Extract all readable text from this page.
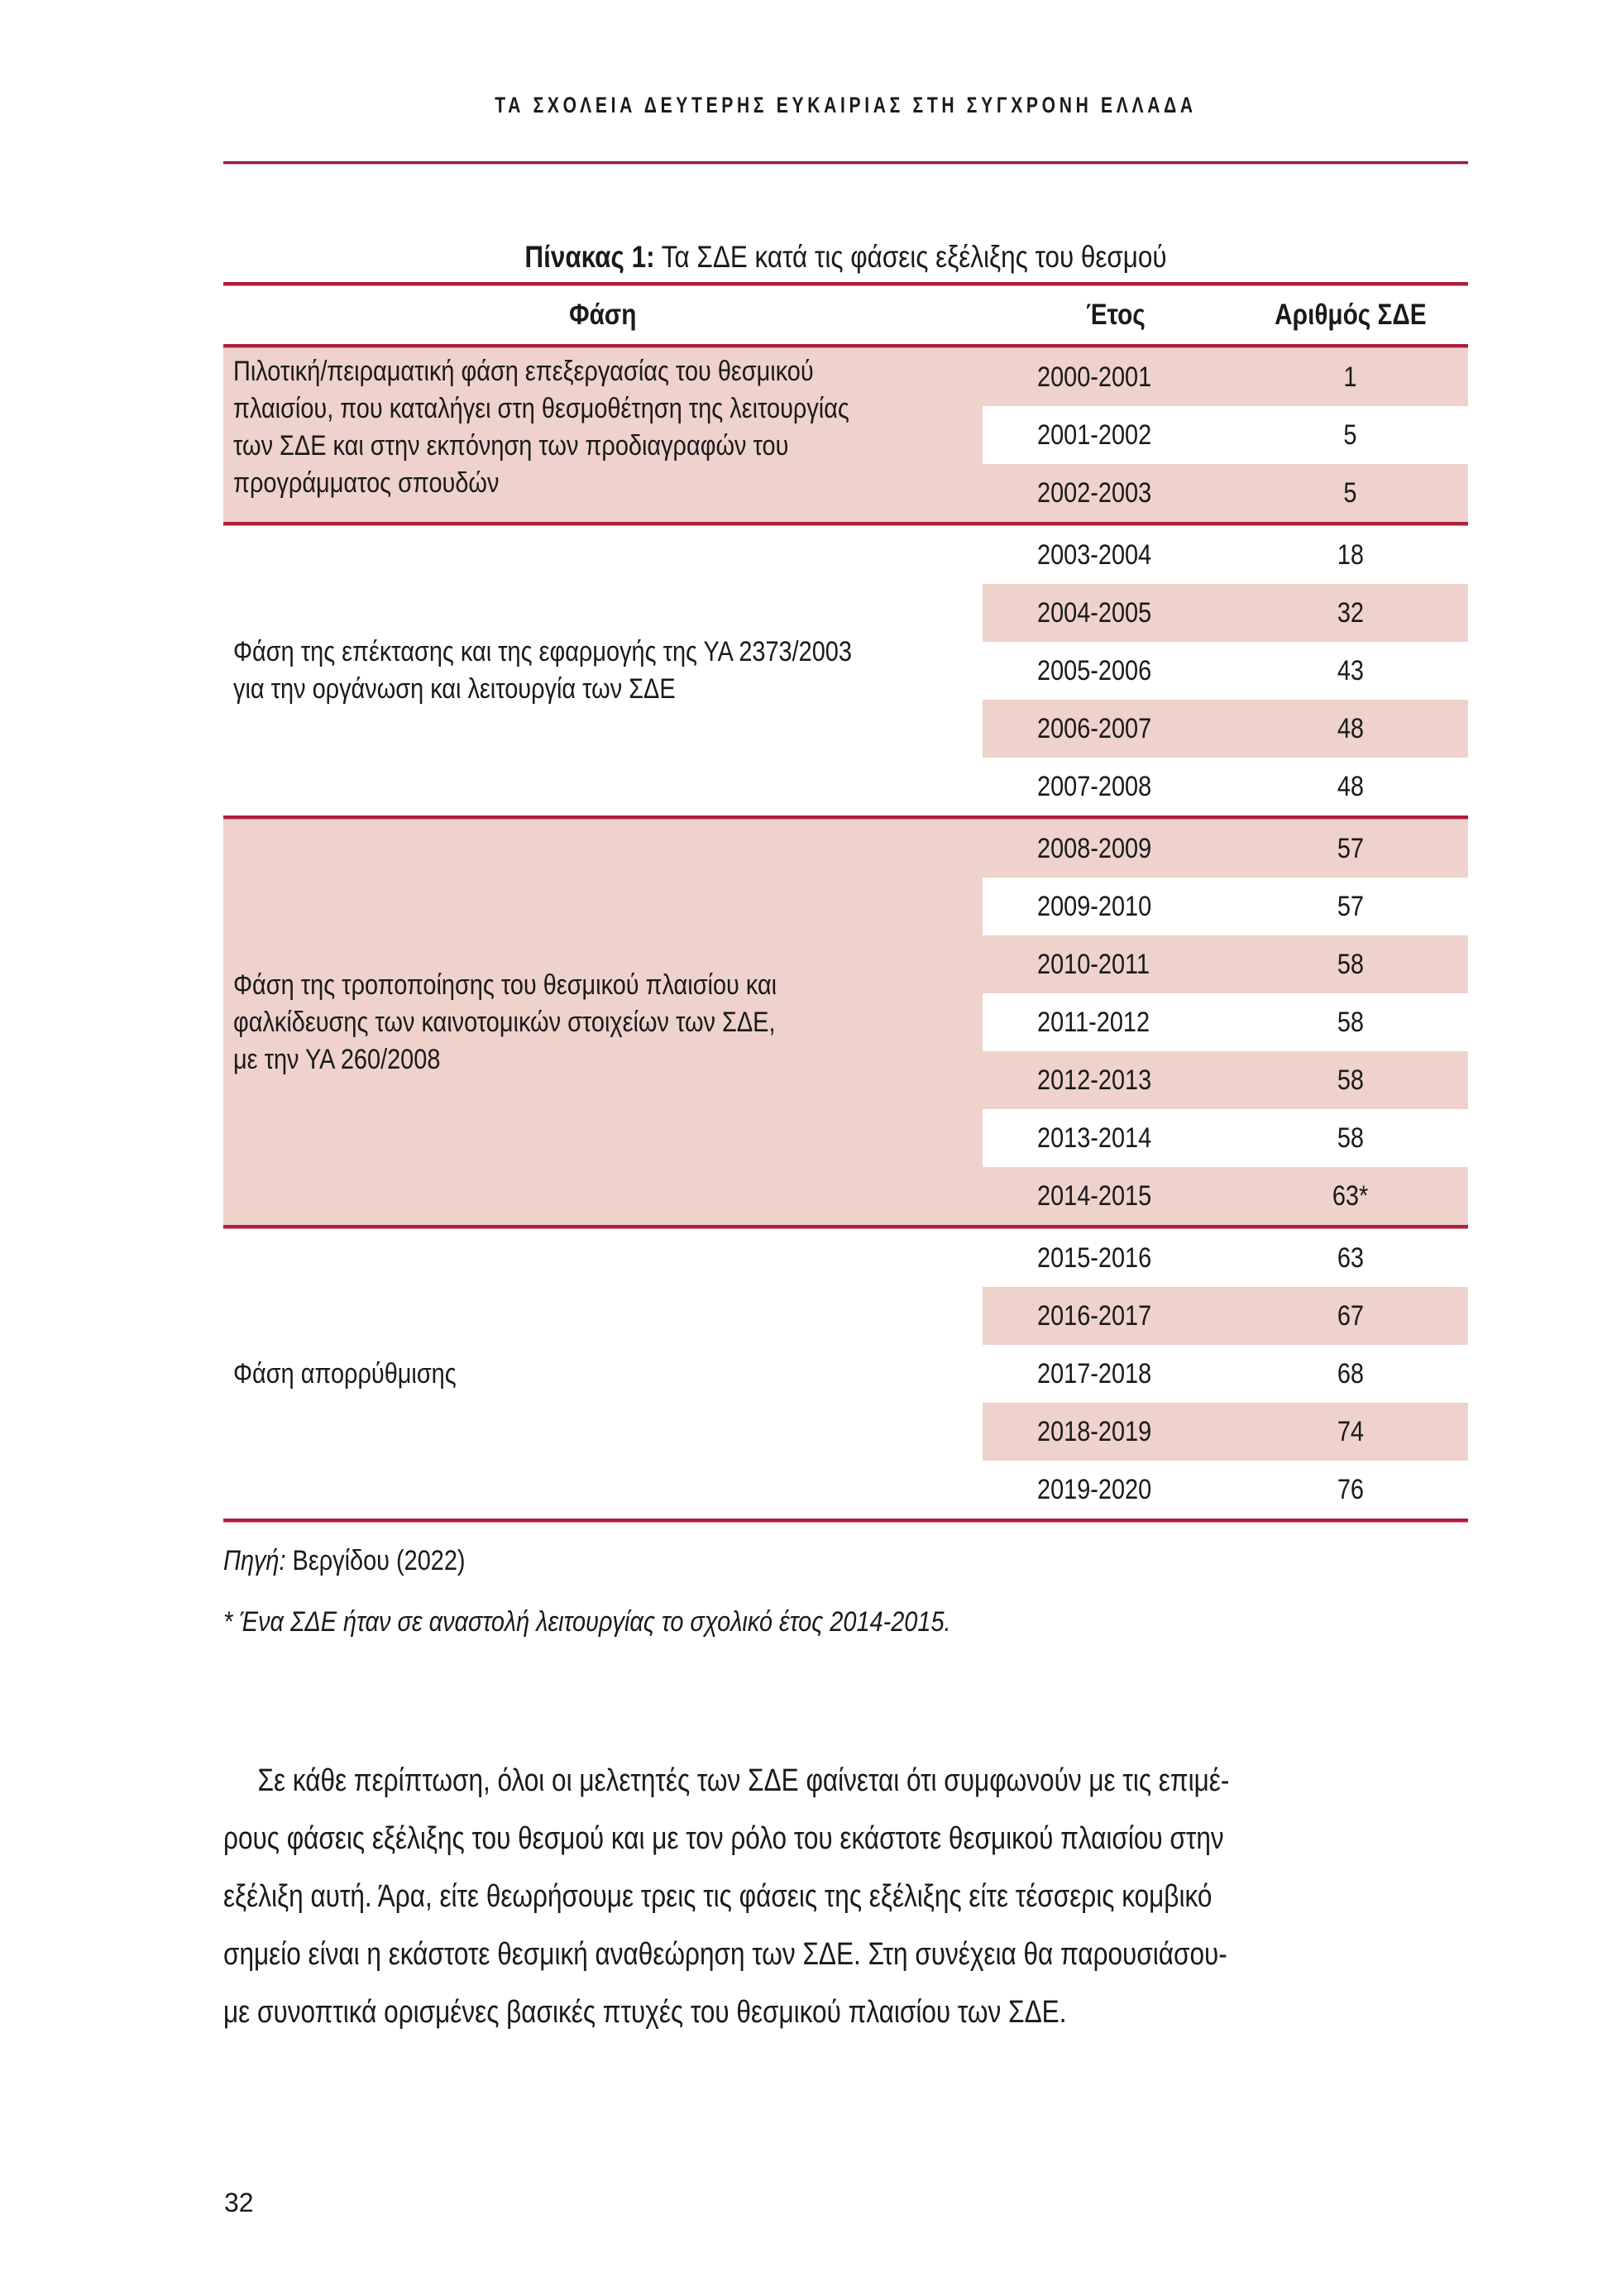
ΤΑ ΣΧΟΛΕΙΑ ΔΕΥΤΕΡΗΣ ΕΥΚΑΙΡΙΑΣ ΣΤΗ ΣΥΓΧΡΟΝΗ ΕΛΛΑΔΑ
Πίνακας 1: Τα ΣΔΕ κατά τις φάσεις εξέλιξης του θεσμού
Φάση	Έτος	Αριθμός ΣΔΕ
Πιλοτική/πειραματική φάση επεξεργασίας του θεσμικού
πλαισίου, που καταλήγει στη θεσμοθέτηση της λειτουργίας
των ΣΔΕ και στην εκπόνηση των προδιαγραφών του
προγράμματος σπουδών
2000-2001	1
2001-2002	5
2002-2003	5
Φάση της επέκτασης και της εφαρμογής της ΥΑ 2373/2003
για την οργάνωση και λειτουργία των ΣΔΕ
2003-2004	18
2004-2005	32
2005-2006	43
2006-2007	48
2007-2008	48
Φάση της τροποποίησης του θεσμικού πλαισίου και
φαλκίδευσης των καινοτομικών στοιχείων των ΣΔΕ,
με την ΥΑ 260/2008
2008-2009	57
2009-2010	57
2010-2011	58
2011-2012	58
2012-2013	58
2013-2014	58
2014-2015	63*
Φάση απορρύθμισης
2015-2016	63
2016-2017	67
2017-2018	68
2018-2019	74
2019-2020	76
Πηγή: Βεργίδου (2022)
* Ένα ΣΔΕ ήταν σε αναστολή λειτουργίας το σχολικό έτος 2014-2015.
Σε κάθε περίπτωση, όλοι οι μελετητές των ΣΔΕ φαίνεται ότι συμφωνούν με τις επιμέ-
ρους φάσεις εξέλιξης του θεσμού και με τον ρόλο του εκάστοτε θεσμικού πλαισίου στην
εξέλιξη αυτή. Άρα, είτε θεωρήσουμε τρεις τις φάσεις της εξέλιξης είτε τέσσερις κομβικό
σημείο είναι η εκάστοτε θεσμική αναθεώρηση των ΣΔΕ. Στη συνέχεια θα παρουσιάσου-
με συνοπτικά ορισμένες βασικές πτυχές του θεσμικού πλαισίου των ΣΔΕ.
32
